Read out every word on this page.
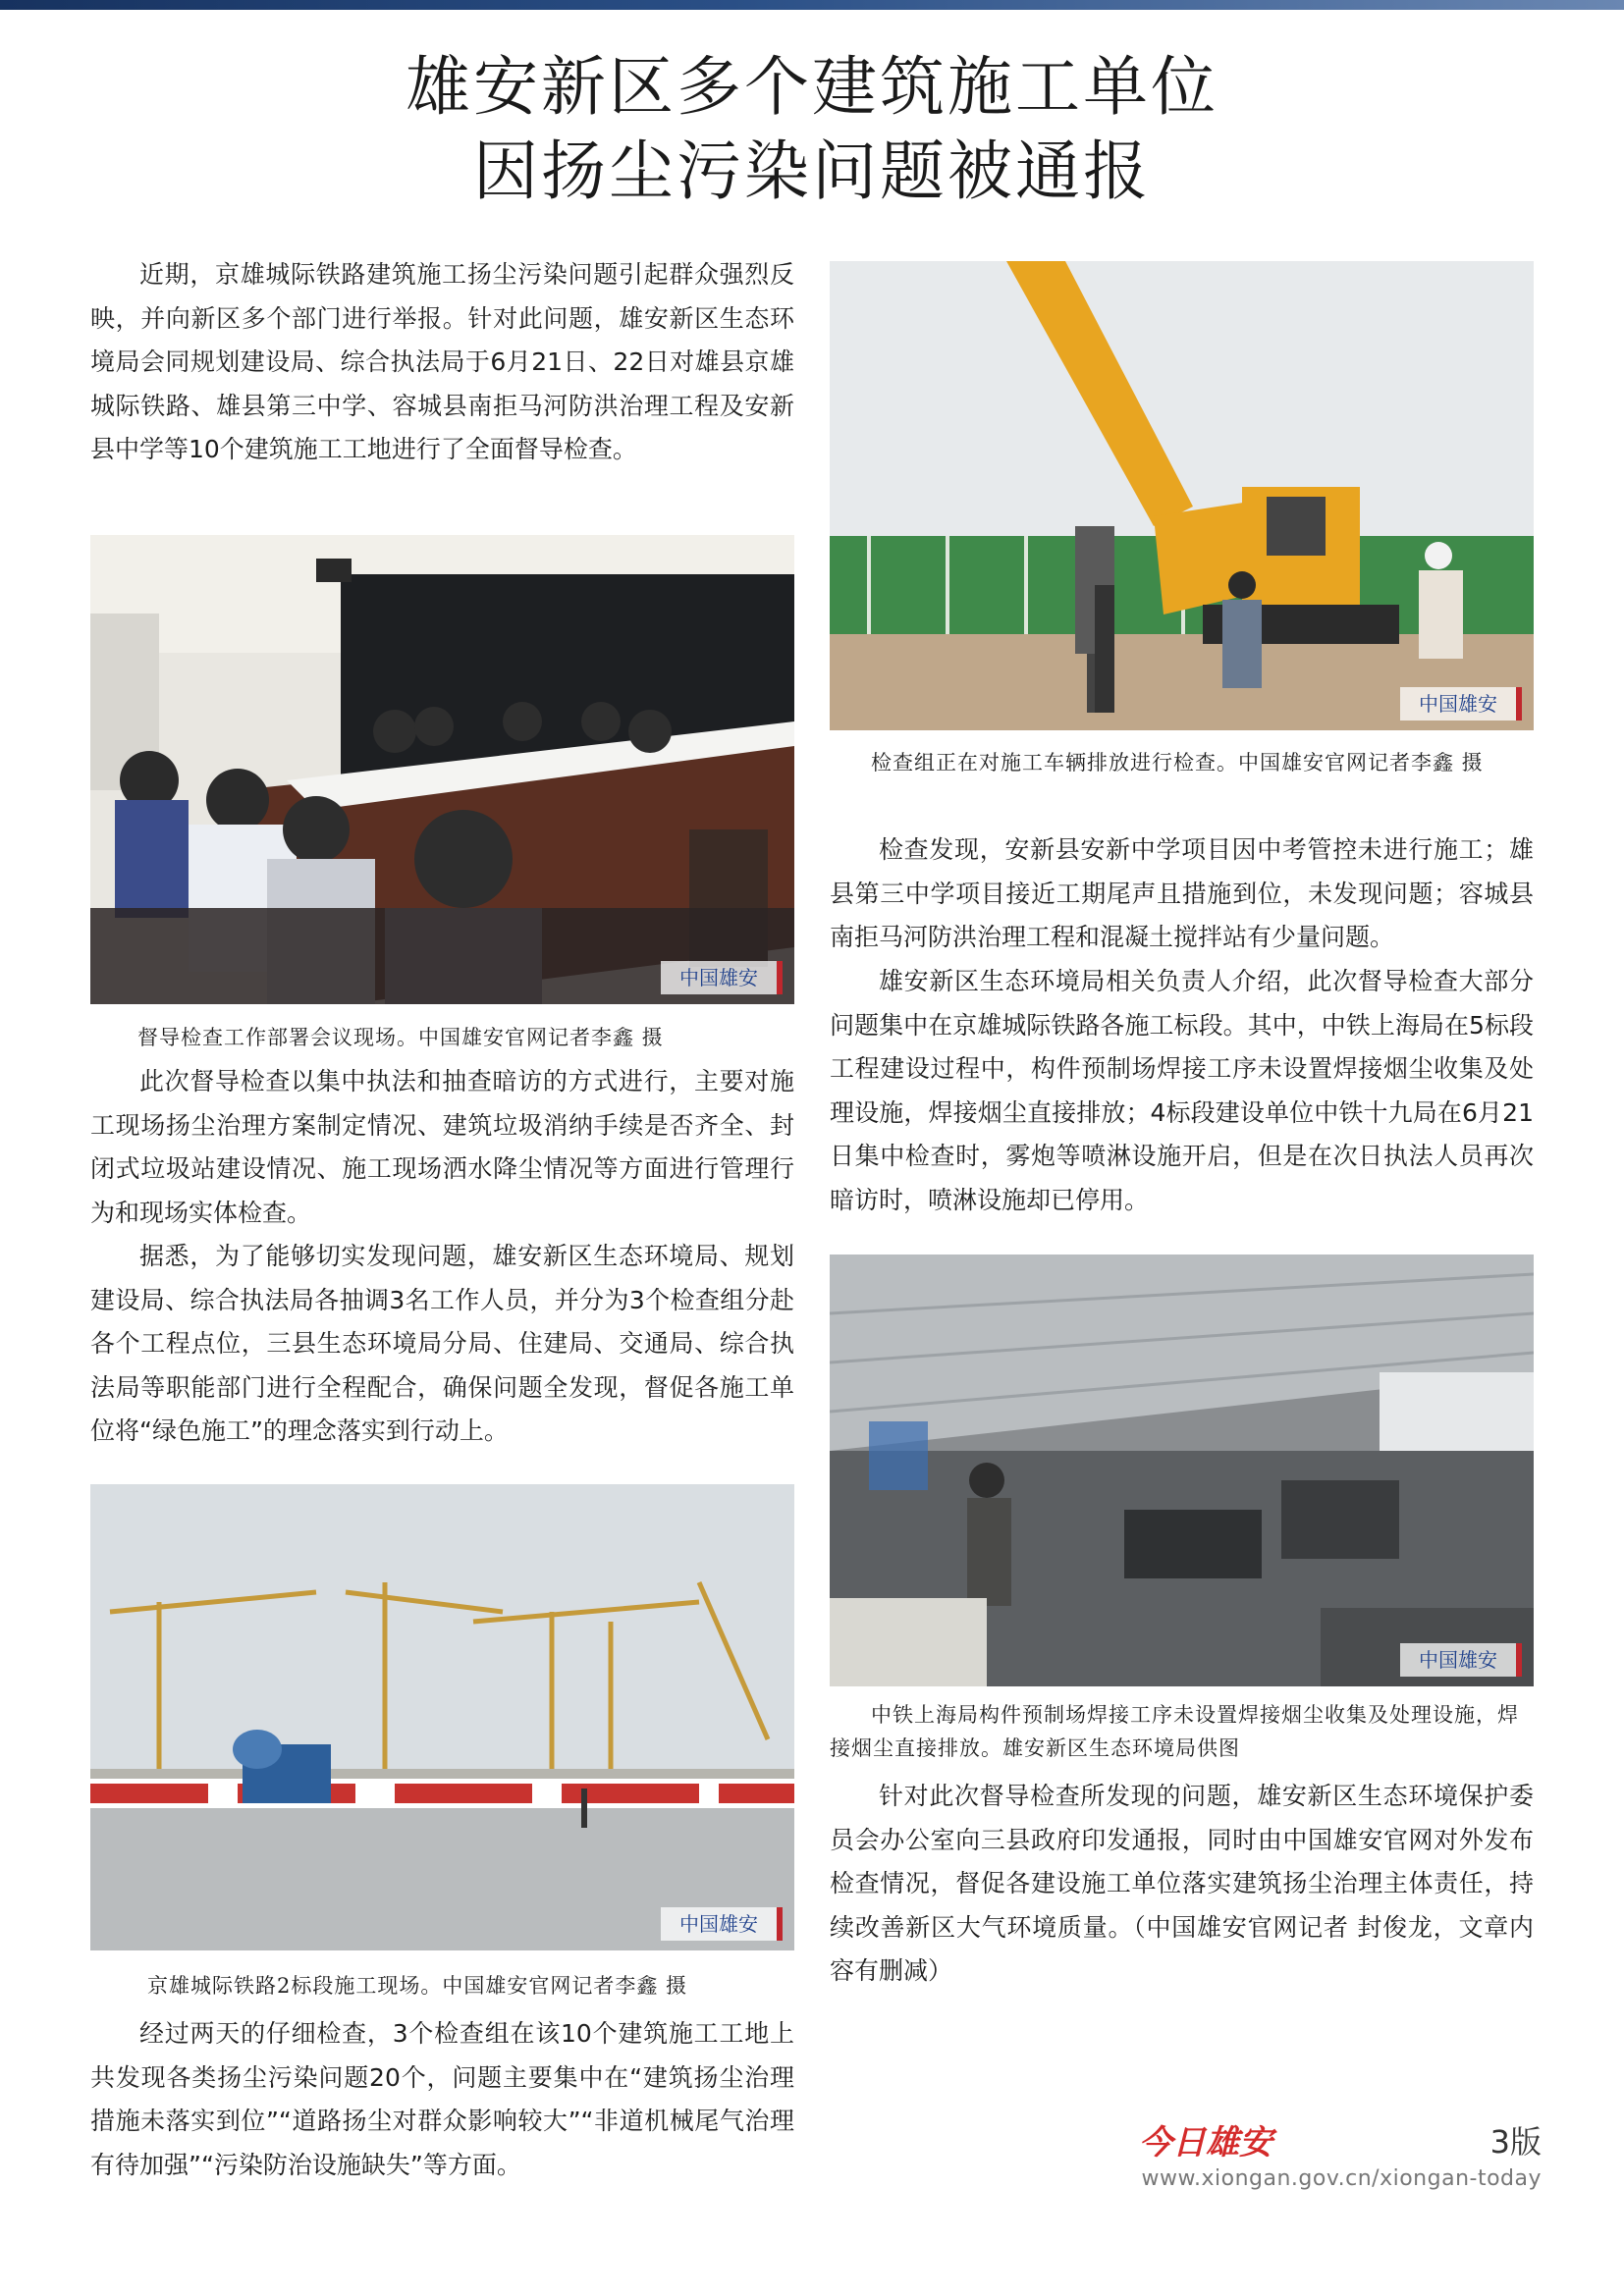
雄安新区多个建筑施工单位
因扬尘污染问题被通报

近期，京雄城际铁路建筑施工扬尘污染问题引起群众强烈反映，并向新区多个部门进行举报。针对此问题，雄安新区生态环境局会同规划建设局、综合执法局于6月21日、22日对雄县京雄城际铁路、雄县第三中学、容城县南拒马河防洪治理工程及安新县中学等10个建筑施工工地进行了全面督导检查。

中国雄安

督导检查工作部署会议现场。中国雄安官网记者李鑫 摄

此次督导检查以集中执法和抽查暗访的方式进行，主要对施工现场扬尘治理方案制定情况、建筑垃圾消纳手续是否齐全、封闭式垃圾站建设情况、施工现场洒水降尘情况等方面进行管理行为和现场实体检查。

据悉，为了能够切实发现问题，雄安新区生态环境局、规划建设局、综合执法局各抽调3名工作人员，并分为3个检查组分赴各个工程点位，三县生态环境局分局、住建局、交通局、综合执法局等职能部门进行全程配合，确保问题全发现，督促各施工单位将“绿色施工”的理念落实到行动上。

中国雄安

京雄城际铁路2标段施工现场。中国雄安官网记者李鑫 摄

经过两天的仔细检查，3个检查组在该10个建筑施工工地上共发现各类扬尘污染问题20个，问题主要集中在“建筑扬尘治理措施未落实到位”“道路扬尘对群众影响较大”“非道机械尾气治理有待加强”“污染防治设施缺失”等方面。

中国雄安

检查组正在对施工车辆排放进行检查。中国雄安官网记者李鑫 摄

检查发现，安新县安新中学项目因中考管控未进行施工；雄县第三中学项目接近工期尾声且措施到位，未发现问题；容城县南拒马河防洪治理工程和混凝土搅拌站有少量问题。

雄安新区生态环境局相关负责人介绍，此次督导检查大部分问题集中在京雄城际铁路各施工标段。其中，中铁上海局在5标段工程建设过程中，构件预制场焊接工序未设置焊接烟尘收集及处理设施，焊接烟尘直接排放；4标段建设单位中铁十九局在6月21日集中检查时，雾炮等喷淋设施开启，但是在次日执法人员再次暗访时，喷淋设施却已停用。

中国雄安

中铁上海局构件预制场焊接工序未设置焊接烟尘收集及处理设施，焊接烟尘直接排放。雄安新区生态环境局供图

针对此次督导检查所发现的问题，雄安新区生态环境保护委员会办公室向三县政府印发通报，同时由中国雄安官网对外发布检查情况，督促各建设施工单位落实建筑扬尘治理主体责任，持续改善新区大气环境质量。（中国雄安官网记者 封俊龙，文章内容有删减）

今日雄安	3版
www.xiongan.gov.cn/xiongan-today
